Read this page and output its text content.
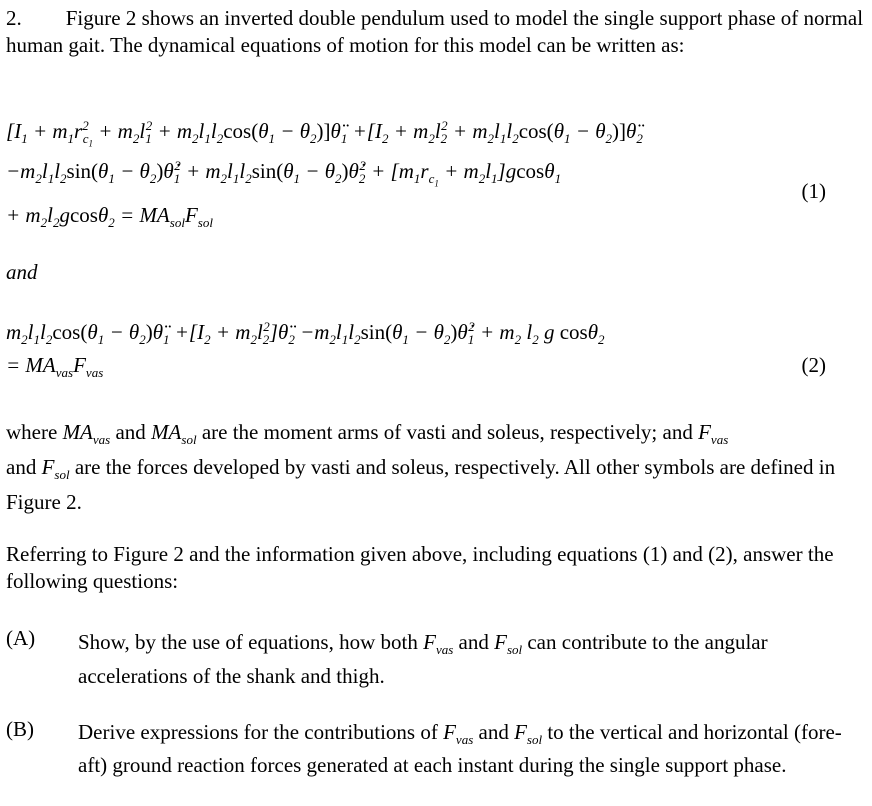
2. Figure 2 shows an inverted double pendulum used to model the single support phase of normal human gait. The dynamical equations of motion for this model can be written as:
[$I_1 + m_1r^2_{c_1} + m_2l_1^2 + m_2l_1l_2\cos(\theta_1$ − $\theta_2)]\thetä_1 +[I_2 + m_2l_2^2 + m_2l_1l_2\cos(\theta_1$ − $\theta_2)]\thetä_2$
$-m_2l_1l_2\sin(\theta_1$ − $\theta_2)\thetȧ_1^2 + m_2l_1l_2\sin(\theta_1$ − $\theta_2)\thetȧ_2^2 + [m_1r_{c_1} + m_2l_1]gcos\theta_1$
(1)
+ $m_2l_2gcos\theta_2 = MA_{sol}F_{sol}$
and
$m_2l_1l_2\cos(\theta_1$ − $\theta_2)\thetä_1 +[I_2$ + $m_2l_2^2]\thetä_2 -m_2l_1l_2\sin(\theta_1$ − $\theta_2)\thetȧ_1^2 + m_2$ $l_2$ g cosθ$_2$
= $MA_{vas}F_{vas}$	(2)
where $MA_{vas}$ and $MA_{sol}$ are the moment arms of vasti and soleus, respectively; and $F_{vas}$
and $F_{sol}$ are the forces developed by vasti and soleus, respectively. All other symbols are defined in Figure 2.
Referring to Figure 2 and the information given above, including equations (1) and (2), answer the following questions:
(A) Show, by the use of equations, how both $F_{vas}$ and $F_{sol}$ can contribute to the angular accelerations of the shank and thigh.
(B) Derive expressions for the contributions of $F_{vas}$ and $F_{sol}$ to the vertical and horizontal (fore-aft) ground reaction forces generated at each instant during the single support phase.
